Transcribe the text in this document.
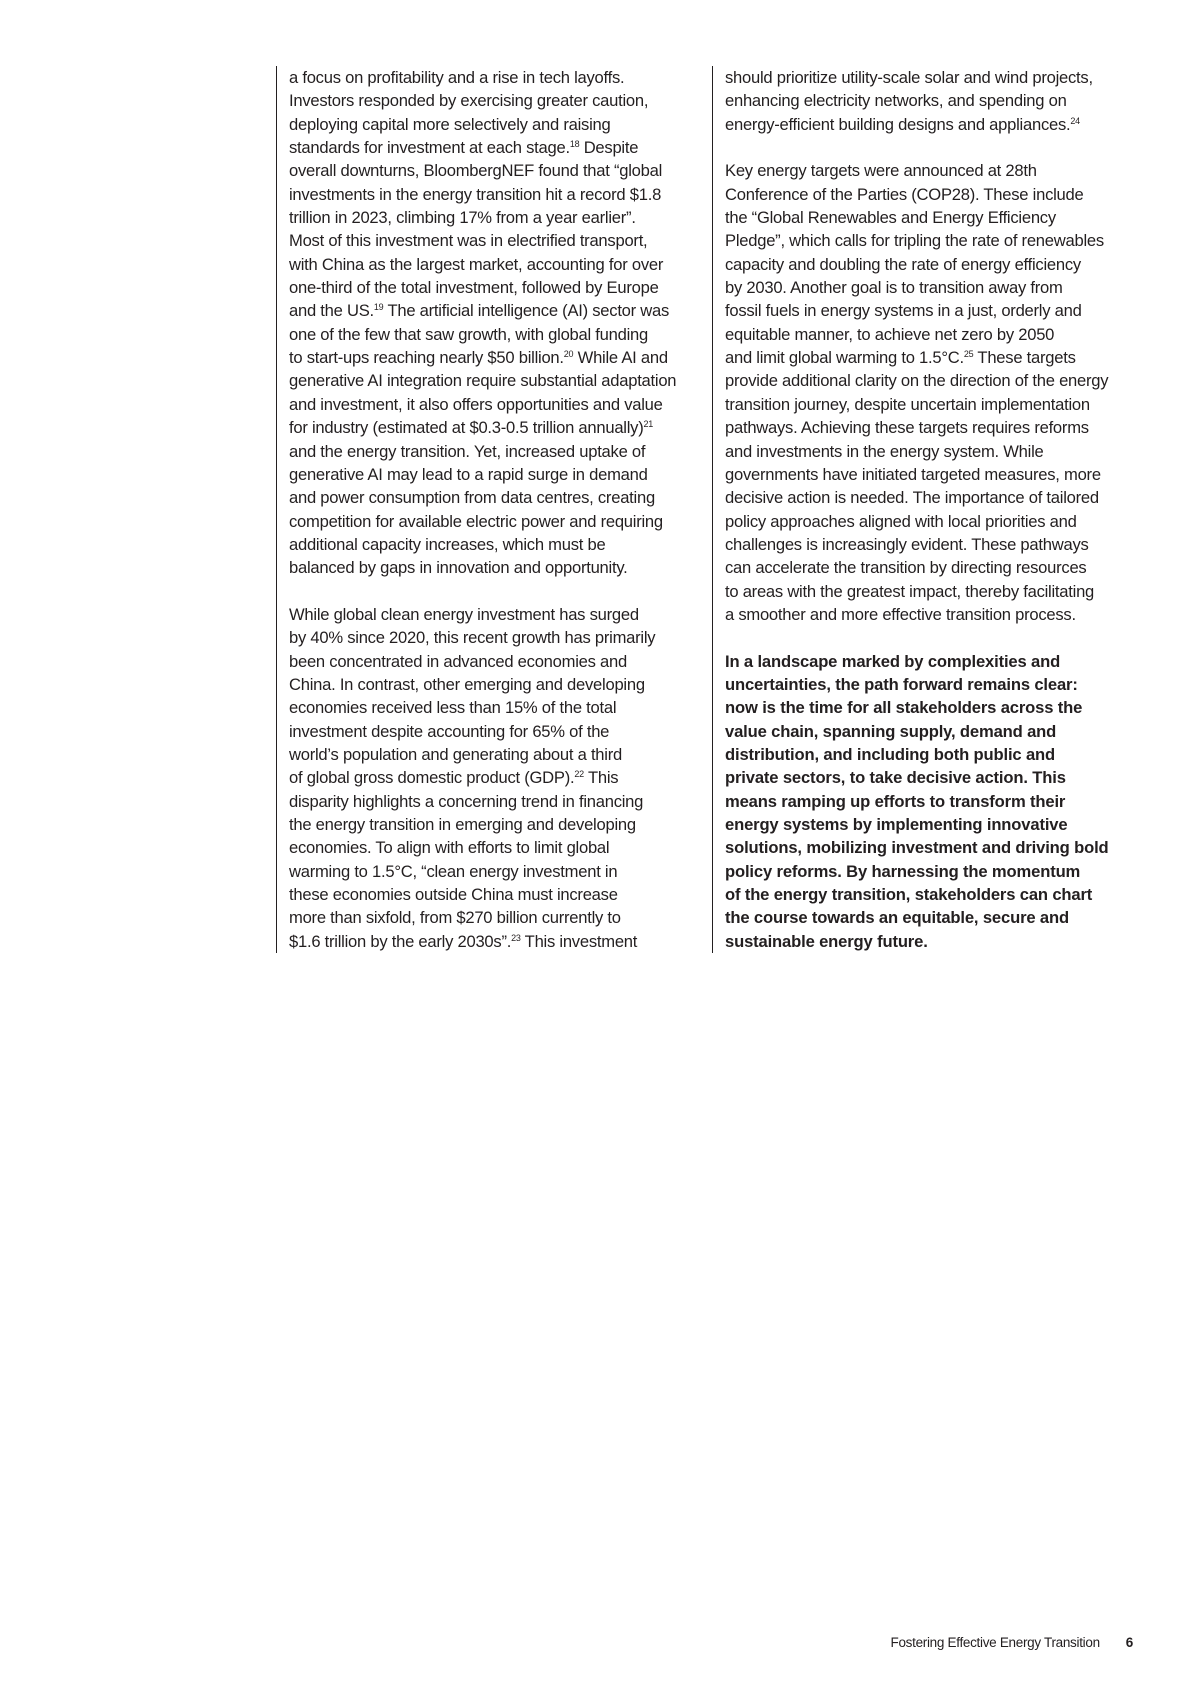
a focus on profitability and a rise in tech layoffs.
Investors responded by exercising greater caution,
deploying capital more selectively and raising
standards for investment at each stage.$^{18}$ Despite
overall downturns, BloombergNEF found that “global
investments in the energy transition hit a record $1.8
trillion in 2023, climbing 17% from a year earlier”.
Most of this investment was in electrified transport,
with China as the largest market, accounting for over
one-third of the total investment, followed by Europe
and the US.$^{19}$ The artificial intelligence (AI) sector was
one of the few that saw growth, with global funding
to start-ups reaching nearly $50 billion.$^{20}$ While AI and
generative AI integration require substantial adaptation
and investment, it also offers opportunities and value
for industry (estimated at $0.3-0.5 trillion annually)$^{21}$
and the energy transition. Yet, increased uptake of
generative AI may lead to a rapid surge in demand
and power consumption from data centres, creating
competition for available electric power and requiring
additional capacity increases, which must be
balanced by gaps in innovation and opportunity.

While global clean energy investment has surged
by 40% since 2020, this recent growth has primarily
been concentrated in advanced economies and
China. In contrast, other emerging and developing
economies received less than 15% of the total
investment despite accounting for 65% of the
world’s population and generating about a third
of global gross domestic product (GDP).$^{22}$ This
disparity highlights a concerning trend in financing
the energy transition in emerging and developing
economies. To align with efforts to limit global
warming to 1.5°C, “clean energy investment in
these economies outside China must increase
more than sixfold, from $270 billion currently to
$1.6 trillion by the early 2030s”.$^{23}$ This investment

should prioritize utility-scale solar and wind projects,
enhancing electricity networks, and spending on
energy-efficient building designs and appliances.$^{24}$

Key energy targets were announced at 28th
Conference of the Parties (COP28). These include
the “Global Renewables and Energy Efficiency
Pledge”, which calls for tripling the rate of renewables
capacity and doubling the rate of energy efficiency
by 2030. Another goal is to transition away from
fossil fuels in energy systems in a just, orderly and
equitable manner, to achieve net zero by 2050
and limit global warming to 1.5°C.$^{25}$ These targets
provide additional clarity on the direction of the energy
transition journey, despite uncertain implementation
pathways. Achieving these targets requires reforms
and investments in the energy system. While
governments have initiated targeted measures, more
decisive action is needed. The importance of tailored
policy approaches aligned with local priorities and
challenges is increasingly evident. These pathways
can accelerate the transition by directing resources
to areas with the greatest impact, thereby facilitating
a smoother and more effective transition process.

In a landscape marked by complexities and
uncertainties, the path forward remains clear:
now is the time for all stakeholders across the
value chain, spanning supply, demand and
distribution, and including both public and
private sectors, to take decisive action. This
means ramping up efforts to transform their
energy systems by implementing innovative
solutions, mobilizing investment and driving bold
policy reforms. By harnessing the momentum
of the energy transition, stakeholders can chart
the course towards an equitable, secure and
sustainable energy future.

Fostering Effective Energy Transition 6
